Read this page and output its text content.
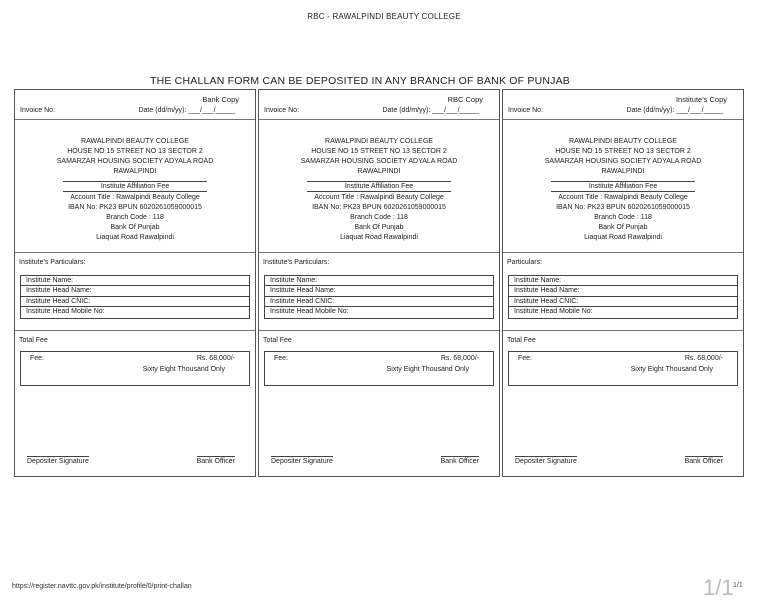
RBC - RAWALPINDI BEAUTY COLLEGE
THE CHALLAN FORM CAN BE DEPOSITED IN ANY BRANCH OF BANK OF PUNJAB
Bank Copy
Invoice No:	Date (dd/m/yy): ___/___/_____
RAWALPINDI BEAUTY COLLEGE
HOUSE NO 15 STREET NO 13 SECTOR 2
SAMARZAR HOUSING SOCIETY ADYALA ROAD
RAWALPINDI
Institute Affiliation Fee
Account Title : Rawalpindi Beauty College
IBAN No: PK23 BPUN 6020261059000015
Branch Code : 118
Bank Of Punjab
Liaquat Road Rawalpindi
Institute's Particulars:
Institute Name:
Institute Head Name:
Institute Head CNIC:
Institute Head Mobile No:
Total Fee
Fee:	Rs. 68,000/-
Sixty Eight Thousand Only
Depositer Signature	Bank Officer
RBC Copy
Invoice No:	Date (dd/m/yy): ___/___/_____
RAWALPINDI BEAUTY COLLEGE
HOUSE NO 15 STREET NO 13 SECTOR 2
SAMARZAR HOUSING SOCIETY ADYALA ROAD
RAWALPINDI
Institute Affiliation Fee
Account Title : Rawalpindi Beauty College
IBAN No: PK23 BPUN 6020261059000015
Branch Code : 118
Bank Of Punjab
Liaquat Road Rawalpindi
Institute's Particulars:
Institute Name:
Institute Head Name:
Institute Head CNIC:
Institute Head Mobile No:
Total Fee
Fee:	Rs. 68,000/-
Sixty Eight Thousand Only
Depositer Signature	Bank Officer
Institute's Copy
Invoice No:	Date (dd/m/yy): ___/___/_____
RAWALPINDI BEAUTY COLLEGE
HOUSE NO 15 STREET NO 13 SECTOR 2
SAMARZAR HOUSING SOCIETY ADYALA ROAD
RAWALPINDI
Institute Affiliation Fee
Account Title : Rawalpindi Beauty College
IBAN No: PK23 BPUN 6020261059000015
Branch Code : 118
Bank Of Punjab
Liaquat Road Rawalpindi
Particulars:
Institute Name:
Institute Head Name:
Institute Head CNIC:
Institute Head Mobile No:
Total Fee
Fee:	Rs. 68,000/-
Sixty Eight Thousand Only
Depositer Signature	Bank Officer
https://register.navttc.gov.pk/institute/profile/0/print-challan	1/1 1/1
